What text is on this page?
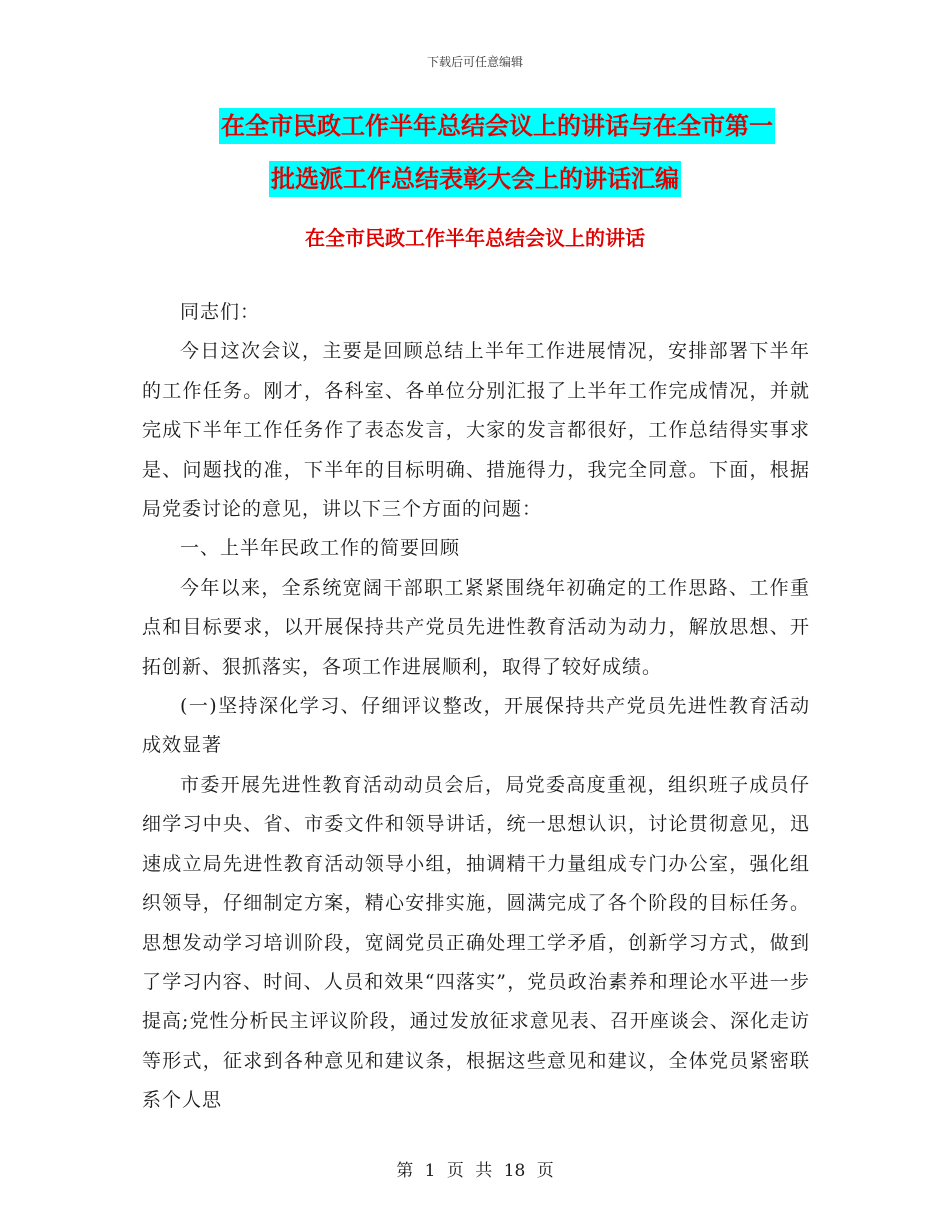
下载后可任意编辑
在全市民政工作半年总结会议上的讲话与在全市第一
批选派工作总结表彰大会上的讲话汇编
在全市民政工作半年总结会议上的讲话

同志们：

今日这次会议，主要是回顾总结上半年工作进展情况，安排部署下半年的工作任务。刚才，各科室、各单位分别汇报了上半年工作完成情况，并就完成下半年工作任务作了表态发言，大家的发言都很好，工作总结得实事求是、问题找的准，下半年的目标明确、措施得力，我完全同意。下面，根据局党委讨论的意见，讲以下三个方面的问题：

一、上半年民政工作的简要回顾

今年以来，全系统宽阔干部职工紧紧围绕年初确定的工作思路、工作重点和目标要求，以开展保持共产党员先进性教育活动为动力，解放思想、开拓创新、狠抓落实，各项工作进展顺利，取得了较好成绩。

(一)坚持深化学习、仔细评议整改，开展保持共产党员先进性教育活动成效显著

市委开展先进性教育活动动员会后，局党委高度重视，组织班子成员仔细学习中央、省、市委文件和领导讲话，统一思想认识，讨论贯彻意见，迅速成立局先进性教育活动领导小组，抽调精干力量组成专门办公室，强化组织领导，仔细制定方案，精心安排实施，圆满完成了各个阶段的目标任务。思想发动学习培训阶段，宽阔党员正确处理工学矛盾，创新学习方式，做到了学习内容、时间、人员和效果“四落实”，党员政治素养和理论水平进一步提高;党性分析民主评议阶段，通过发放征求意见表、召开座谈会、深化走访等形式，征求到各种意见和建议条，根据这些意见和建议，全体党员紧密联系个人思

第 1 页 共 18 页
